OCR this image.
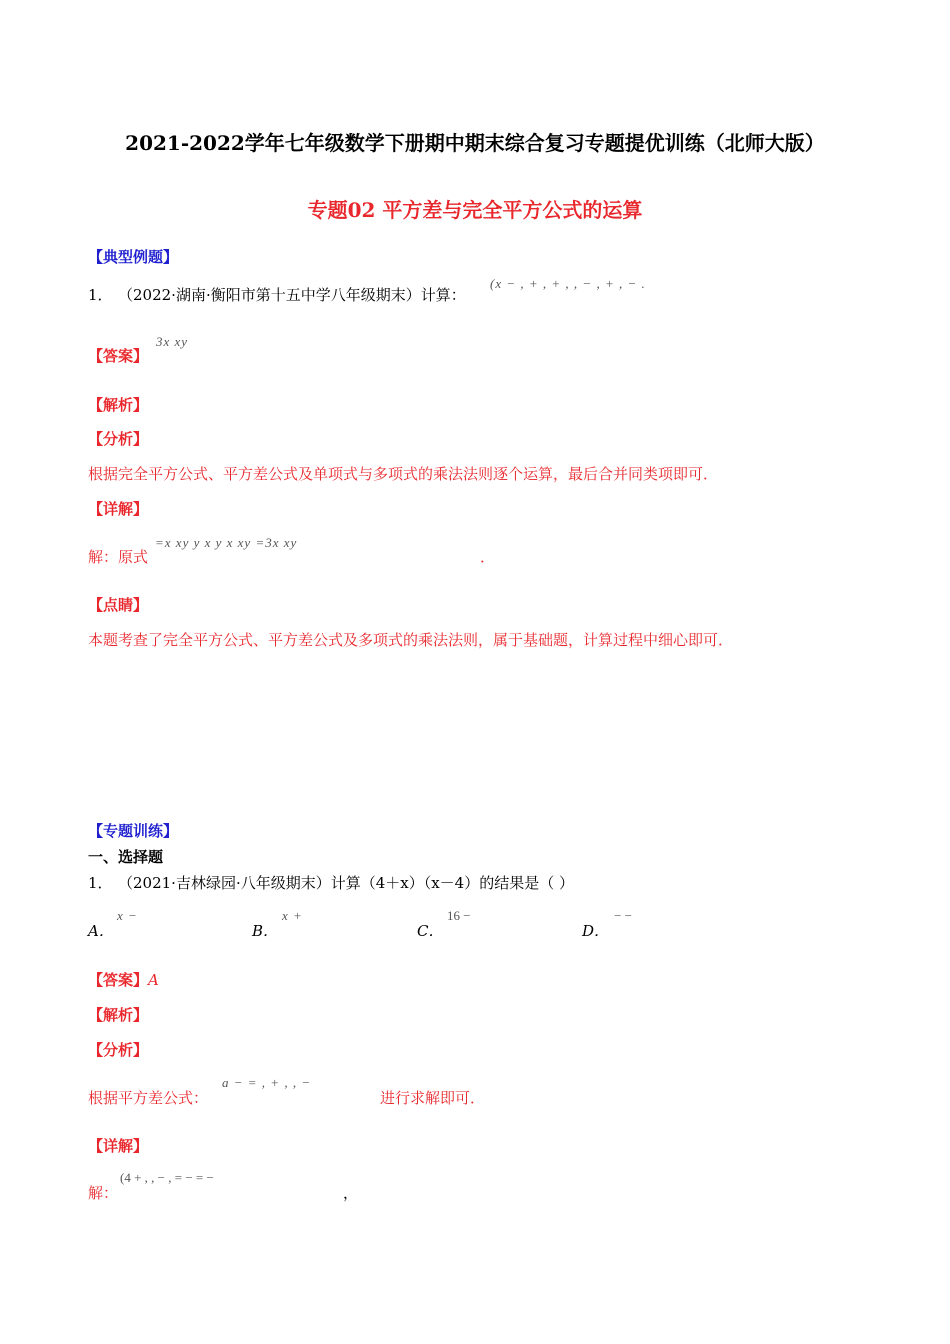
2021-2022学年七年级数学下册期中期末综合复习专题提优训练（北师大版）
专题02 平方差与完全平方公式的运算
【典型例题】
1． （2022·湖南·衡阳市第十五中学八年级期末）计算：
(x − , + , + , , − , + , − .
【答案】
3x xy
【解析】
【分析】
根据完全平方公式、平方差公式及单项式与多项式的乘法法则逐个运算，最后合并同类项即可．
【详解】
解：原式
=x xy y x y x xy =3x xy
．
【点睛】
本题考查了完全平方公式、平方差公式及多项式的乘法法则，属于基础题，计算过程中细心即可．
【专题训练】
一、选择题
1． （2021·吉林绿园·八年级期末）计算（4＋x）（x－4）的结果是（ ）
A．
x −
B．
x +
C．
16 −
D．
− −
【答案】A
【解析】
【分析】
根据平方差公式：
a − = , + , , −
进行求解即可．
【详解】
解：
(4 + , , − , = − = −
，
